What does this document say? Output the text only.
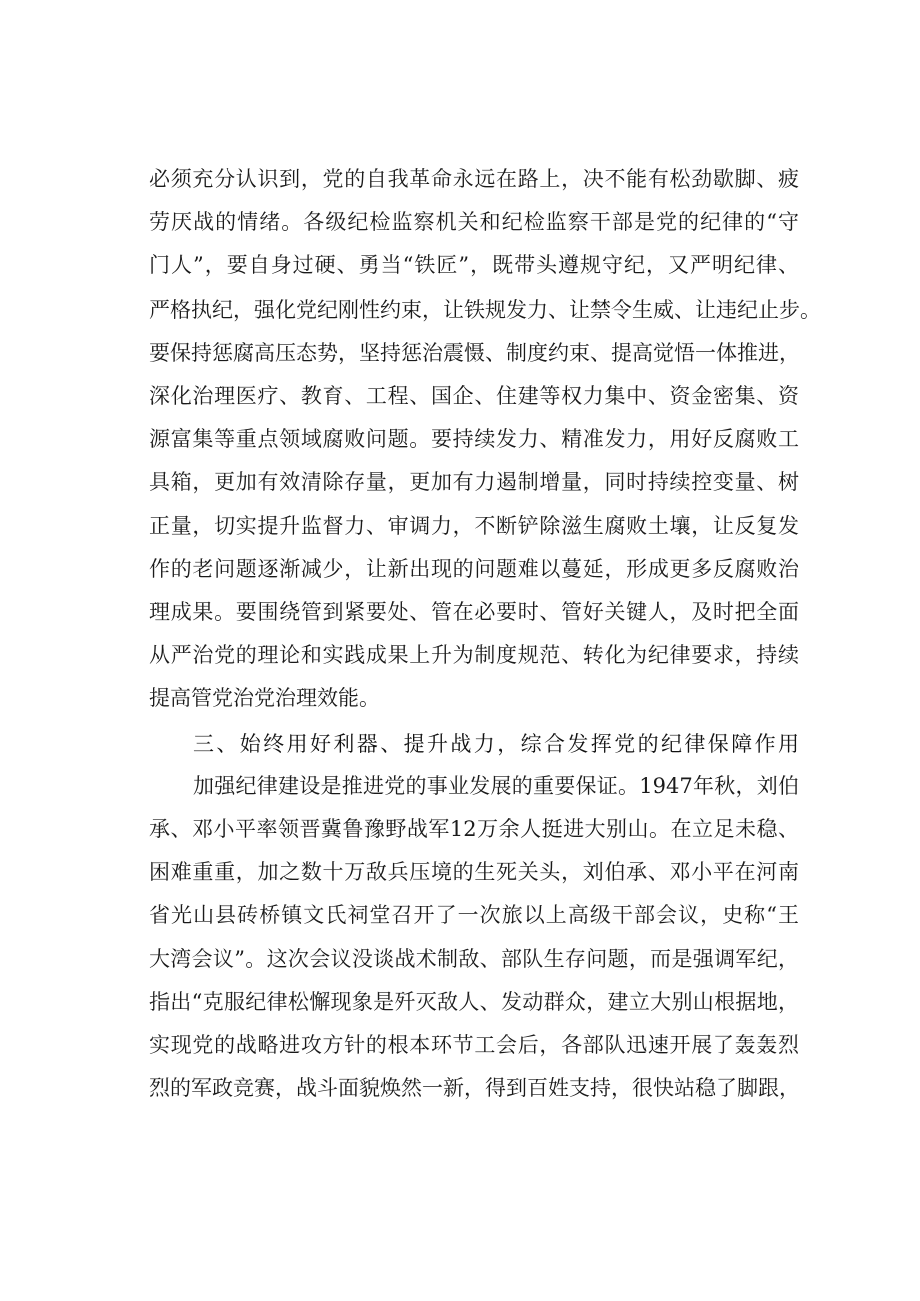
必须充分认识到，党的自我革命永远在路上，决不能有松劲歇脚、疲

劳厌战的情绪。各级纪检监察机关和纪检监察干部是党的纪律的“守

门人”，要自身过硬、勇当“铁匠”，既带头遵规守纪，又严明纪律、

严格执纪，强化党纪刚性约束，让铁规发力、让禁令生威、让违纪止步。

要保持惩腐高压态势，坚持惩治震慑、制度约束、提高觉悟一体推进，

深化治理医疗、教育、工程、国企、住建等权力集中、资金密集、资

源富集等重点领域腐败问题。要持续发力、精准发力，用好反腐败工

具箱，更加有效清除存量，更加有力遏制增量，同时持续控变量、树

正量，切实提升监督力、审调力，不断铲除滋生腐败土壤，让反复发

作的老问题逐渐减少，让新出现的问题难以蔓延，形成更多反腐败治

理成果。要围绕管到紧要处、管在必要时、管好关键人，及时把全面

从严治党的理论和实践成果上升为制度规范、转化为纪律要求，持续

提高管党治党治理效能。

三、始终用好利器、提升战力，综合发挥党的纪律保障作用

加强纪律建设是推进党的事业发展的重要保证。1947年秋，刘伯

承、邓小平率领晋冀鲁豫野战军12万余人挺进大别山。在立足未稳、

困难重重，加之数十万敌兵压境的生死关头，刘伯承、邓小平在河南

省光山县砖桥镇文氏祠堂召开了一次旅以上高级干部会议，史称“王

大湾会议”。这次会议没谈战术制敌、部队生存问题，而是强调军纪，

指出“克服纪律松懈现象是歼灭敌人、发动群众，建立大别山根据地，

实现党的战略进攻方针的根本环节工会后，各部队迅速开展了轰轰烈

烈的军政竞赛，战斗面貌焕然一新，得到百姓支持，很快站稳了脚跟，
